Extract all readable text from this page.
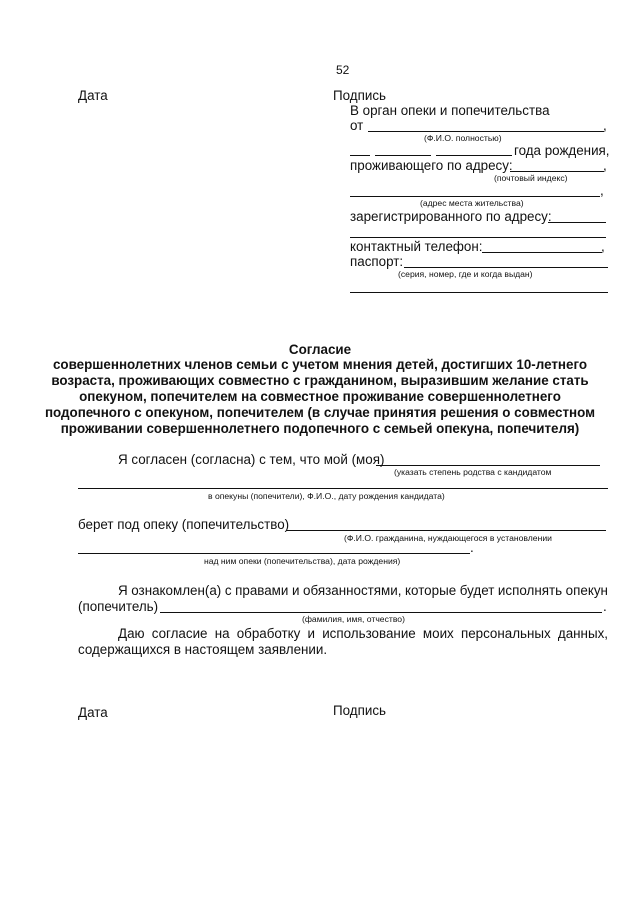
52
Дата	Подпись
В орган опеки и попечительства
от	,
(Ф.И.О. полностью)
года рождения,
проживающего по адресу:	,
(почтовый индекс)
,
(адрес места жительства)
зарегистрированного по адресу:
контактный телефон:	,
паспорт:
(серия, номер, где и когда выдан)
Согласие
совершеннолетних членов семьи с учетом мнения детей, достигших 10-летнего
возраста, проживающих совместно с гражданином, выразившим желание стать
опекуном, попечителем на совместное проживание совершеннолетнего
подопечного с опекуном, попечителем (в случае принятия решения о совместном
проживании совершеннолетнего подопечного с семьей опекуна, попечителя)
Я согласен (согласна) с тем, что мой (моя)
(указать степень родства с кандидатом
в опекуны (попечители), Ф.И.О., дату рождения кандидата)
берет под опеку (попечительство)
(Ф.И.О. гражданина, нуждающегося в установлении
.
над ним опеки (попечительства), дата рождения)
Я ознакомлен(а) с правами и обязанностями, которые будет исполнять опекун
(попечитель)	.
(фамилия, имя, отчество)
Даю согласие на обработку и использование моих персональных данных,
содержащихся в настоящем заявлении.
Дата	Подпись
